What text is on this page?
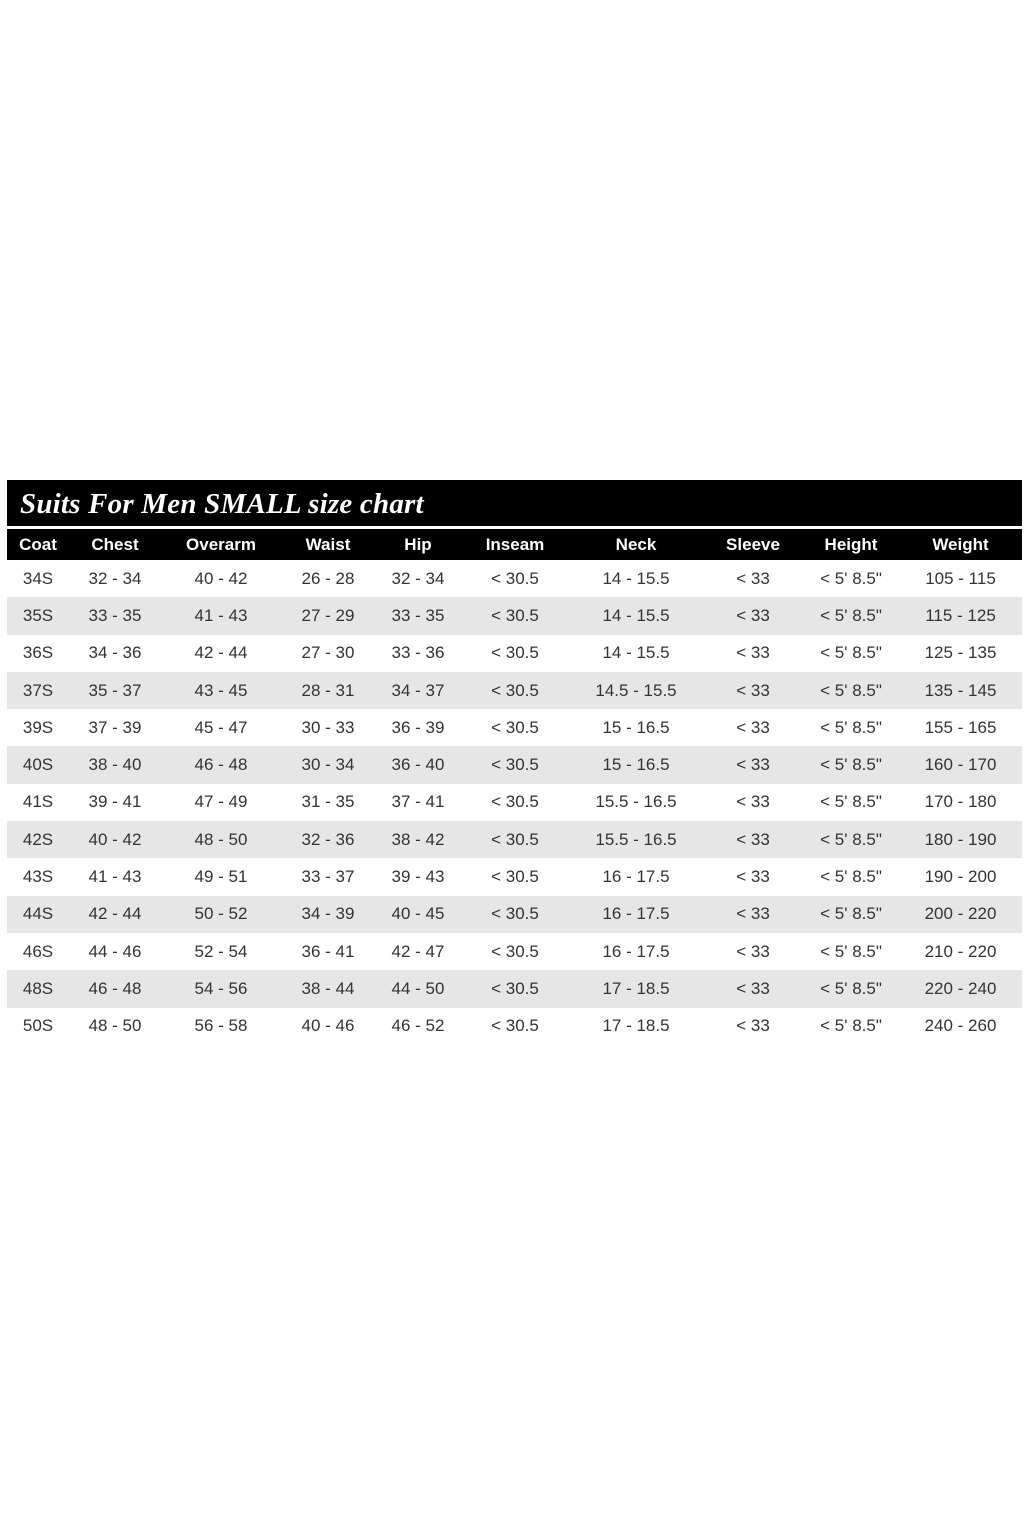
Suits For Men SMALL size chart
Coat	Chest	Overarm	Waist	Hip	Inseam	Neck	Sleeve	Height	Weight
34S	32 - 34	40 - 42	26 - 28	32 - 34	< 30.5	14 - 15.5	< 33	< 5' 8.5"	105 - 115
35S	33 - 35	41 - 43	27 - 29	33 - 35	< 30.5	14 - 15.5	< 33	< 5' 8.5"	115 - 125
36S	34 - 36	42 - 44	27 - 30	33 - 36	< 30.5	14 - 15.5	< 33	< 5' 8.5"	125 - 135
37S	35 - 37	43 - 45	28 - 31	34 - 37	< 30.5	14.5 - 15.5	< 33	< 5' 8.5"	135 - 145
39S	37 - 39	45 - 47	30 - 33	36 - 39	< 30.5	15 - 16.5	< 33	< 5' 8.5"	155 - 165
40S	38 - 40	46 - 48	30 - 34	36 - 40	< 30.5	15 - 16.5	< 33	< 5' 8.5"	160 - 170
41S	39 - 41	47 - 49	31 - 35	37 - 41	< 30.5	15.5 - 16.5	< 33	< 5' 8.5"	170 - 180
42S	40 - 42	48 - 50	32 - 36	38 - 42	< 30.5	15.5 - 16.5	< 33	< 5' 8.5"	180 - 190
43S	41 - 43	49 - 51	33 - 37	39 - 43	< 30.5	16 - 17.5	< 33	< 5' 8.5"	190 - 200
44S	42 - 44	50 - 52	34 - 39	40 - 45	< 30.5	16 - 17.5	< 33	< 5' 8.5"	200 - 220
46S	44 - 46	52 - 54	36 - 41	42 - 47	< 30.5	16 - 17.5	< 33	< 5' 8.5"	210 - 220
48S	46 - 48	54 - 56	38 - 44	44 - 50	< 30.5	17 - 18.5	< 33	< 5' 8.5"	220 - 240
50S	48 - 50	56 - 58	40 - 46	46 - 52	< 30.5	17 - 18.5	< 33	< 5' 8.5"	240 - 260
